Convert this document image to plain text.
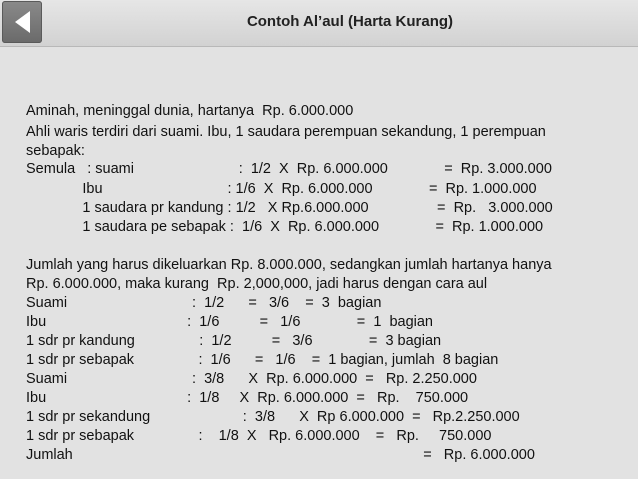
Contoh Al’aul (Harta Kurang)
Aminah, meninggal dunia, hartanya  Rp. 6.000.000
Ahli waris terdiri dari suami. Ibu, 1 saudara perempuan sekandung, 1 perempuan
sebapak:
Semula   : suami                          :  1/2  X  Rp. 6.000.000              =  Rp. 3.000.000
Ibu                               : 1/6  X  Rp. 6.000.000              =  Rp. 1.000.000
1 saudara pr kandung : 1/2   X Rp.6.000.000                 =  Rp.   3.000.000
1 saudara pe sebapak :  1/6  X  Rp. 6.000.000              =  Rp. 1.000.000
Jumlah yang harus dikeluarkan Rp. 8.000.000, sedangkan jumlah hartanya hanya
Rp. 6.000.000, maka kurang  Rp. 2,000,000, jadi harus dengan cara aul
Suami                               :  1/2      =   3/6    =  3  bagian
Ibu                                   :  1/6          =   1/6              =  1  bagian
1 sdr pr kandung                :  1/2          =   3/6              =  3 bagian
1 sdr pr sebapak                :  1/6      =   1/6    =  1 bagian, jumlah  8 bagian
Suami                               :  3/8      X  Rp. 6.000.000  =   Rp. 2.250.000
Ibu                                   :  1/8     X  Rp. 6.000.000  =   Rp.    750.000
1 sdr pr sekandung                       :  3/8      X  Rp 6.000.000  =   Rp.2.250.000
1 sdr pr sebapak                :    1/8  X   Rp. 6.000.000    =   Rp.     750.000
Jumlah                                                                                       =   Rp. 6.000.000
